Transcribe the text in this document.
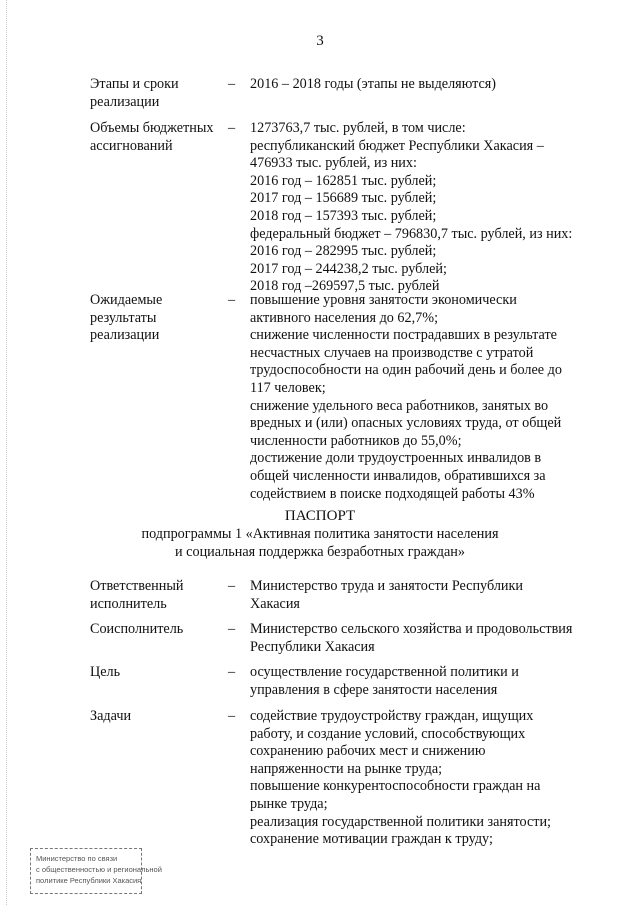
3
Этапы и сроки
реализации
– 2016 – 2018 годы (этапы не выделяются)
Объемы бюджетных
ассигнований
– 1273763,7 тыс. рублей, в том числе:
республиканский бюджет Республики Хакасия –
476933 тыс. рублей, из них:
2016 год – 162851 тыс. рублей;
2017 год – 156689 тыс. рублей;
2018 год – 157393 тыс. рублей;
федеральный бюджет – 796830,7 тыс. рублей, из них:
2016 год – 282995 тыс. рублей;
2017 год – 244238,2 тыс. рублей;
2018 год –269597,5 тыс. рублей
Ожидаемые
результаты
реализации
– повышение уровня занятости экономически
активного населения до 62,7%;
снижение численности пострадавших в результате
несчастных случаев на производстве с утратой
трудоспособности на один рабочий день и более до
117 человек;
снижение удельного веса работников, занятых во
вредных и (или) опасных условиях труда, от общей
численности работников до 55,0%;
достижение доли трудоустроенных инвалидов в
общей численности инвалидов, обратившихся за
содействием в поиске подходящей работы 43%
ПАСПОРТ
подпрограммы 1 «Активная политика занятости населения
и социальная поддержка безработных граждан»
Ответственный
исполнитель
– Министерство труда и занятости Республики
Хакасия
Соисполнитель	– Министерство сельского хозяйства и продовольствия
Республики Хакасия
Цель	– осуществление государственной политики и
управления в сфере занятости населения
Задачи	– содействие трудоустройству граждан, ищущих
работу, и создание условий, способствующих
сохранению рабочих мест и снижению
напряженности на рынке труда;
повышение конкурентоспособности граждан на
рынке труда;
реализация государственной политики занятости;
сохранение мотивации граждан к труду;
Министерство по связи
с общественностью и региональной
политике Республики Хакасия
